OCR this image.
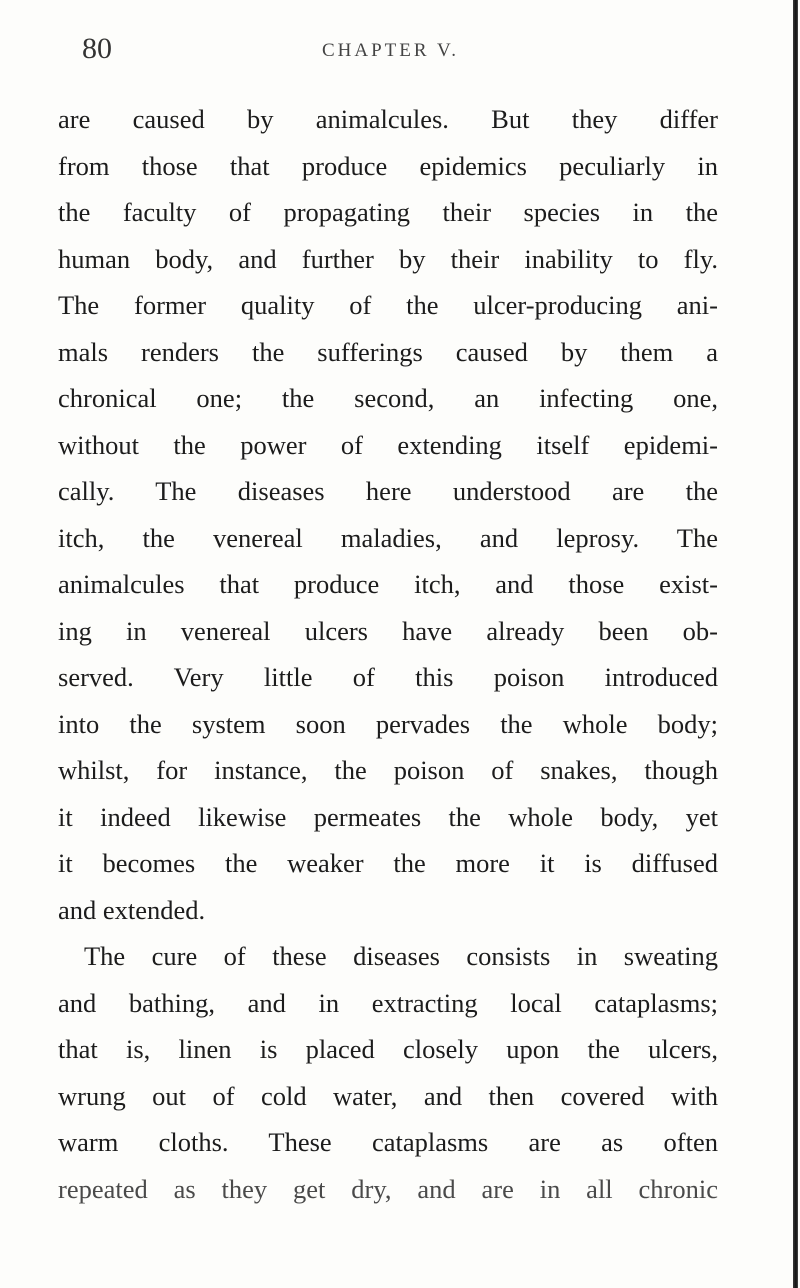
80	CHAPTER V.
are caused by animalcules. But they differ
from those that produce epidemics peculiarly in
the faculty of propagating their species in the
human body, and further by their inability to fly.
The former quality of the ulcer-producing ani-
mals renders the sufferings caused by them a
chronical one; the second, an infecting one,
without the power of extending itself epidemi-
cally. The diseases here understood are the
itch, the venereal maladies, and leprosy. The
animalcules that produce itch, and those exist-
ing in venereal ulcers have already been ob-
served. Very little of this poison introduced
into the system soon pervades the whole body;
whilst, for instance, the poison of snakes, though
it indeed likewise permeates the whole body, yet
it becomes the weaker the more it is diffused
and extended.
The cure of these diseases consists in sweating
and bathing, and in extracting local cataplasms;
that is, linen is placed closely upon the ulcers,
wrung out of cold water, and then covered with
warm cloths. These cataplasms are as often
repeated as they get dry, and are in all chronic
